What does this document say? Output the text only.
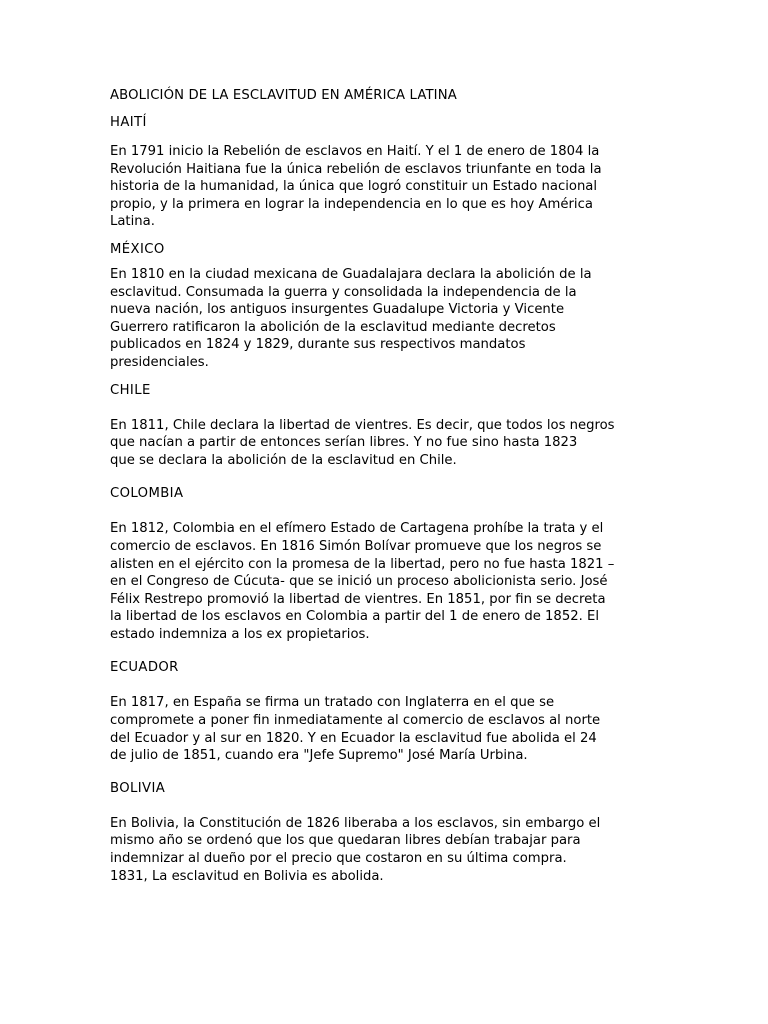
ABOLICIÓN DE LA ESCLAVITUD EN AMÉRICA LATINA
HAITÍ

En 1791 inicio la Rebelión de esclavos en Haití. Y el 1 de enero de 1804 la
Revolución Haitiana fue la única rebelión de esclavos triunfante en toda la
historia de la humanidad, la única que logró constituir un Estado nacional
propio, y la primera en lograr la independencia en lo que es hoy América
Latina.

MÉXICO

En 1810 en la ciudad mexicana de Guadalajara declara la abolición de la
esclavitud. Consumada la guerra y consolidada la independencia de la
nueva nación, los antiguos insurgentes Guadalupe Victoria y Vicente
Guerrero ratificaron la abolición de la esclavitud mediante decretos
publicados en 1824 y 1829, durante sus respectivos mandatos
presidenciales.

CHILE

En 1811, Chile declara la libertad de vientres. Es decir, que todos los negros
que nacían a partir de entonces serían libres. Y no fue sino hasta 1823
que se declara la abolición de la esclavitud en Chile.

COLOMBIA

En 1812, Colombia en el efímero Estado de Cartagena prohíbe la trata y el
comercio de esclavos. En 1816 Simón Bolívar promueve que los negros se
alisten en el ejército con la promesa de la libertad, pero no fue hasta 1821 –
en el Congreso de Cúcuta- que se inició un proceso abolicionista serio. José
Félix Restrepo promovió la libertad de vientres. En 1851, por fin se decreta
la libertad de los esclavos en Colombia a partir del 1 de enero de 1852. El
estado indemniza a los ex propietarios.

ECUADOR

En 1817, en España se firma un tratado con Inglaterra en el que se
compromete a poner fin inmediatamente al comercio de esclavos al norte
del Ecuador y al sur en 1820. Y en Ecuador la esclavitud fue abolida el 24
de julio de 1851, cuando era "Jefe Supremo" José María Urbina.

BOLIVIA

En Bolivia, la Constitución de 1826 liberaba a los esclavos, sin embargo el
mismo año se ordenó que los que quedaran libres debían trabajar para
indemnizar al dueño por el precio que costaron en su última compra.
1831, La esclavitud en Bolivia es abolida.
